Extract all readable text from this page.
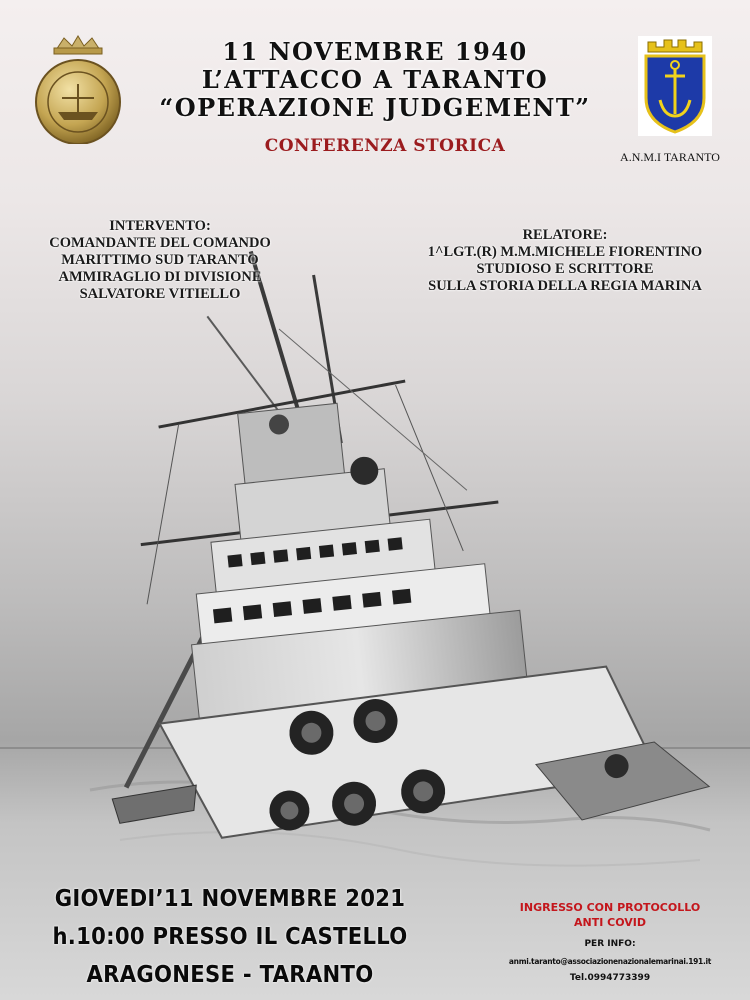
11 NOVEMBRE 1940
L’ATTACCO A TARANTO
“OPERAZIONE JUDGEMENT”
CONFERENZA STORICA
A.N.M.I TARANTO
INTERVENTO:
COMANDANTE DEL COMANDO
MARITTIMO SUD TARANTO
AMMIRAGLIO DI DIVISIONE
SALVATORE VITIELLO
RELATORE:
1^LGT.(R) M.M.MICHELE FIORENTINO
STUDIOSO E SCRITTORE
SULLA STORIA DELLA REGIA MARINA
GIOVEDI’11 NOVEMBRE 2021
h.10:00 PRESSO IL CASTELLO
ARAGONESE - TARANTO
INGRESSO CON PROTOCOLLO
ANTI COVID
PER INFO:
anmi.taranto@associazionenazionalemarinai.191.it
Tel.0994773399
